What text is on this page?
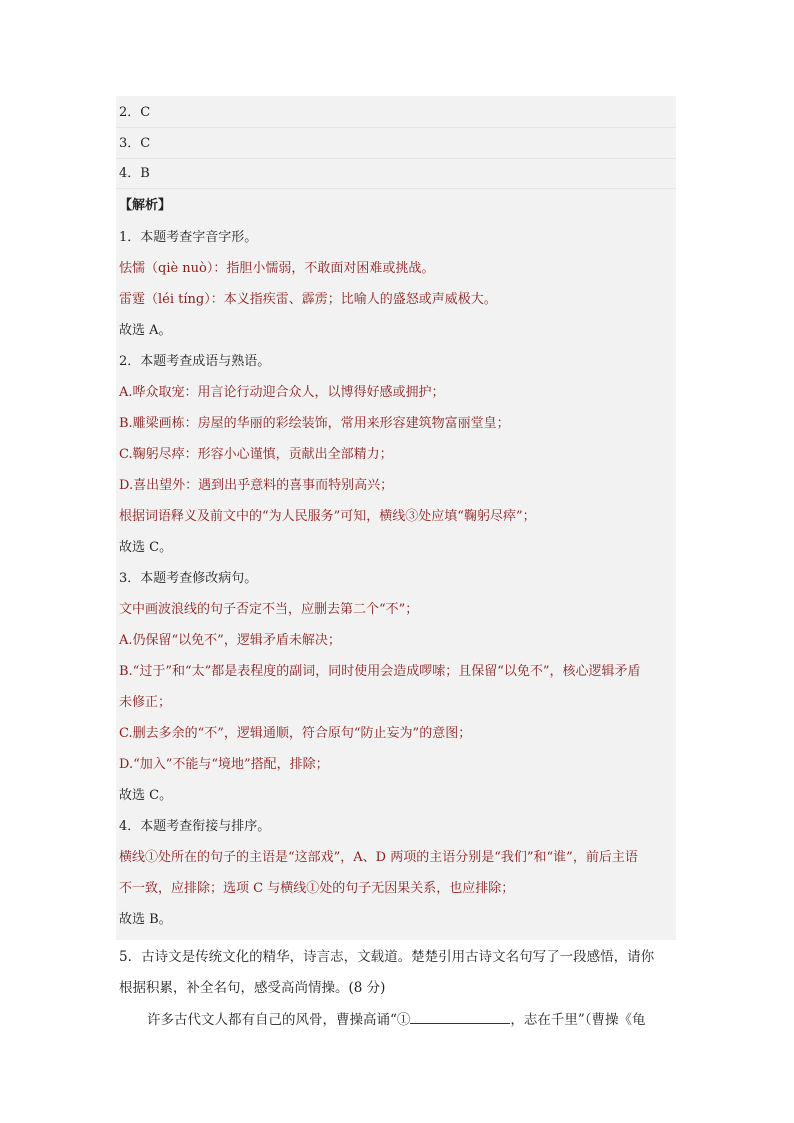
2．C
3．C
4．B
【解析】
1．本题考查字音字形。
怯懦（qiè nuò）：指胆小懦弱，不敢面对困难或挑战。
雷霆（léi tíng）：本义指疾雷、霹雳；比喻人的盛怒或声威极大。
故选 A。
2．本题考查成语与熟语。
A.哗众取宠：用言论行动迎合众人，以博得好感或拥护；
B.雕梁画栋：房屋的华丽的彩绘装饰，常用来形容建筑物富丽堂皇；
C.鞠躬尽瘁：形容小心谨慎，贡献出全部精力；
D.喜出望外：遇到出乎意料的喜事而特别高兴；
根据词语释义及前文中的“为人民服务”可知，横线③处应填“鞠躬尽瘁”；
故选 C。
3．本题考查修改病句。
文中画波浪线的句子否定不当，应删去第二个“不”；
A.仍保留“以免不”，逻辑矛盾未解决；
B.“过于”和“太”都是表程度的副词，同时使用会造成啰嗦；且保留“以免不”，核心逻辑矛盾
未修正；
C.删去多余的“不”，逻辑通顺，符合原句“防止妄为”的意图；
D.“加入”不能与“境地”搭配，排除；
故选 C。
4．本题考查衔接与排序。
横线①处所在的句子的主语是“这部戏”，A、D 两项的主语分别是“我们”和“谁”，前后主语
不一致，应排除；选项 C 与横线①处的句子无因果关系，也应排除；
故选 B。
5．古诗文是传统文化的精华，诗言志，文载道。楚楚引用古诗文名句写了一段感悟，请你
根据积累，补全名句，感受高尚情操。(8 分)
许多古代文人都有自己的风骨，曹操高诵“①	，志在千里”（曹操《龟
